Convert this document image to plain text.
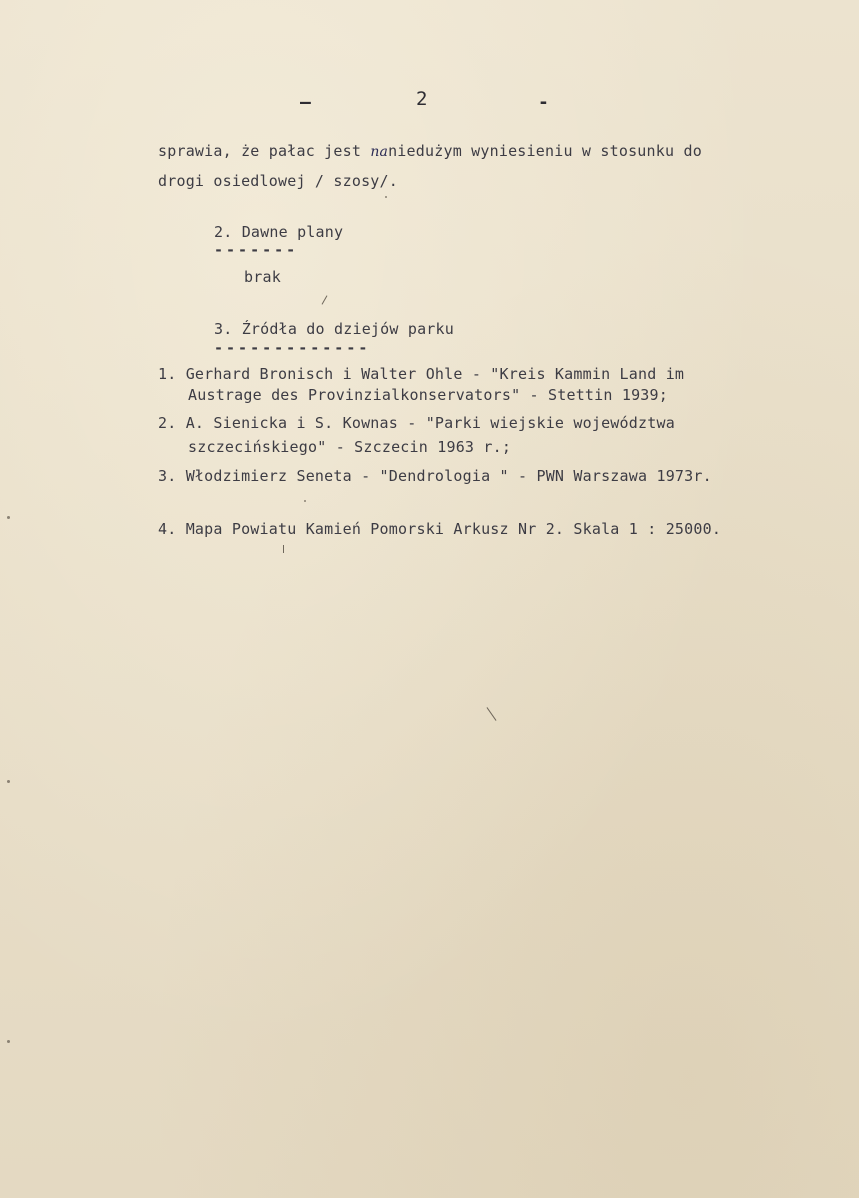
–	2	-
sprawia, że pałac jest naniedużym wyniesieniu w stosunku do
drogi osiedlowej / szosy/.
2. Dawne plany
-------
brak
3. Źródła do dziejów parku
-------------
1. Gerhard Bronisch i Walter Ohle - "Kreis Kammin Land im
Austrage des Provinzialkonservators" - Stettin 1939;
2. A. Sienicka i S. Kownas - "Parki wiejskie województwa
szczecińskiego" - Szczecin 1963 r.;
3. Włodzimierz Seneta - "Dendrologia " - PWN Warszawa 1973r.
4. Mapa Powiatu Kamień Pomorski Arkusz Nr 2. Skala 1 : 25000.
